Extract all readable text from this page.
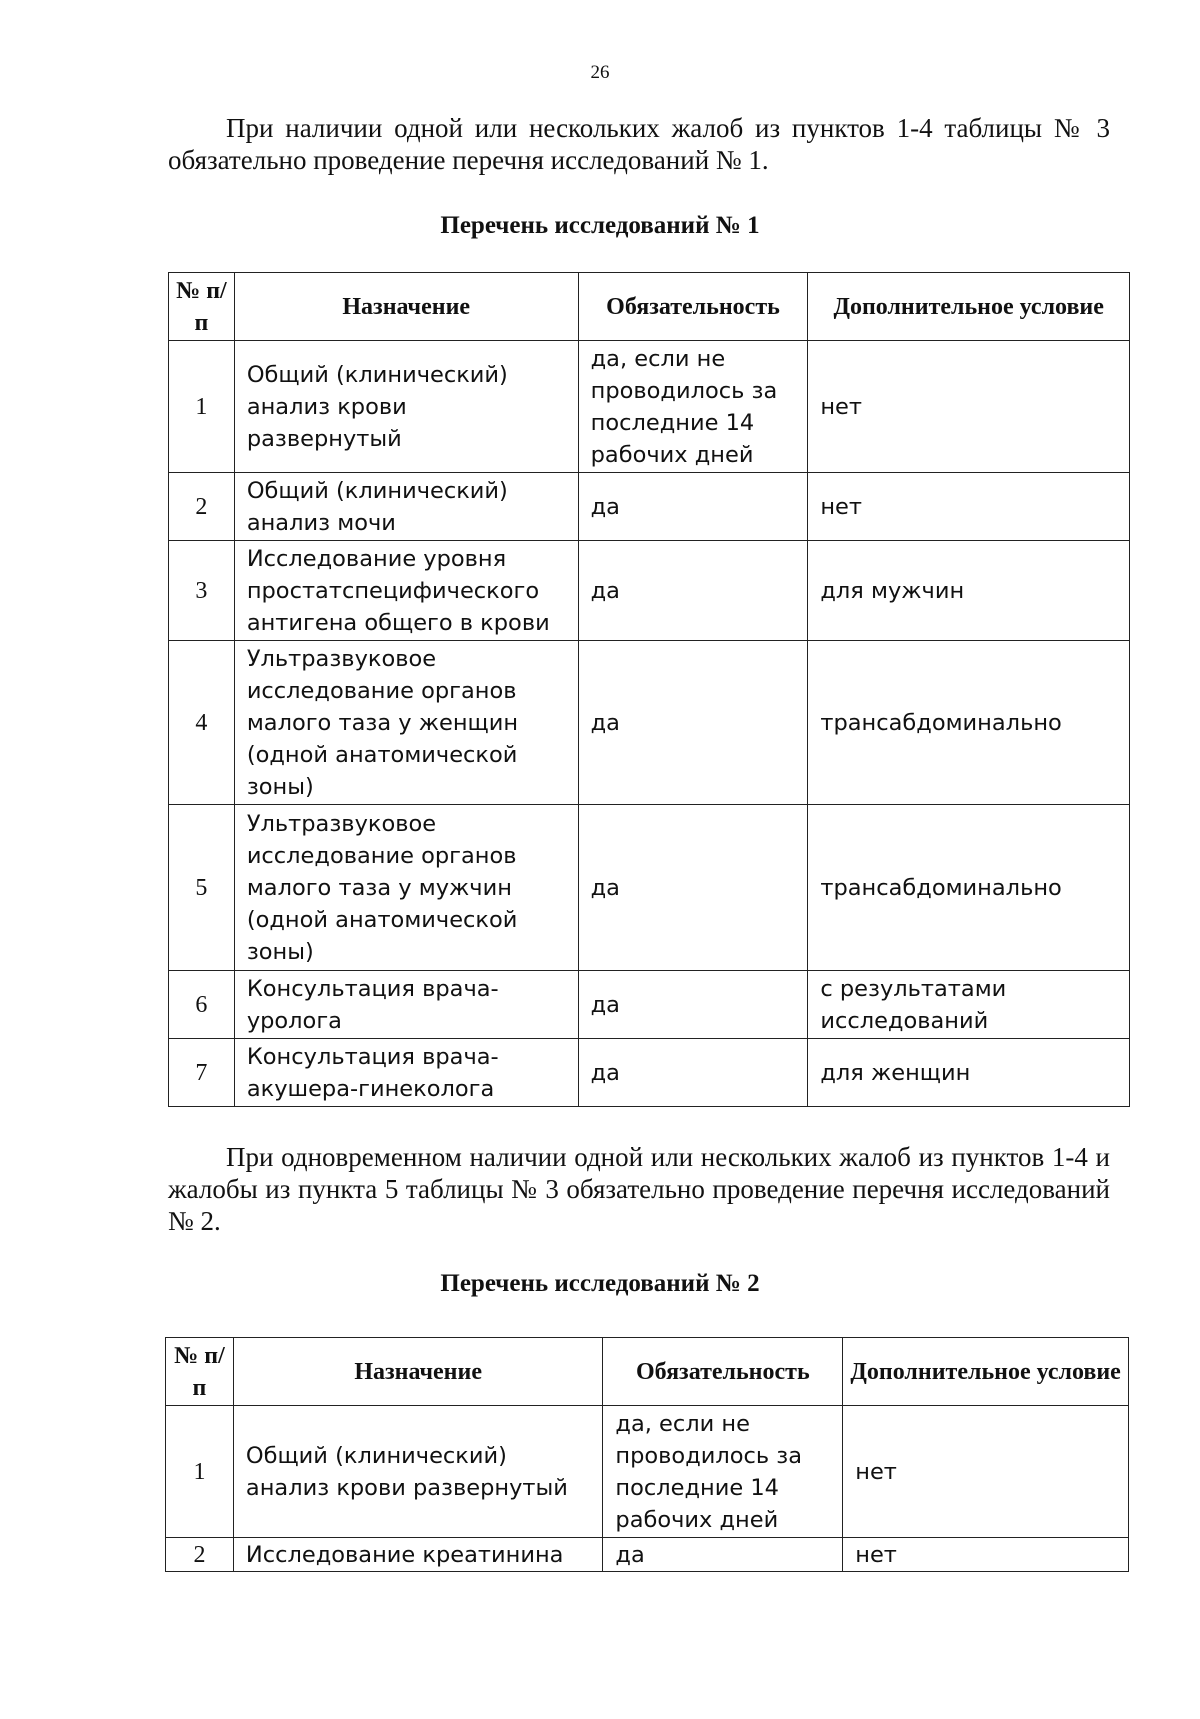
26

При наличии одной или нескольких жалоб из пунктов 1-4 таблицы № 3 обязательно проведение перечня исследований № 1.

Перечень исследований № 1
№ п/п	Назначение	Обязательность	Дополнительное условие
1	Общий (клинический) анализ крови развернутый	да, если не проводилось за последние 14 рабочих дней	нет
2	Общий (клинический) анализ мочи	да	нет
3	Исследование уровня простатспецифического антигена общего в крови	да	для мужчин
4	Ультразвуковое исследование органов малого таза у женщин (одной анатомической зоны)	да	трансабдоминально
5	Ультразвуковое исследование органов малого таза у мужчин (одной анатомической зоны)	да	трансабдоминально
6	Консультация врача-уролога	да	с результатами исследований
7	Консультация врача-акушера-гинеколога	да	для женщин

При одновременном наличии одной или нескольких жалоб из пунктов 1-4 и жалобы из пункта 5 таблицы № 3 обязательно проведение перечня исследований № 2.

Перечень исследований № 2
№ п/п	Назначение	Обязательность	Дополнительное условие
1	Общий (клинический) анализ крови развернутый	да, если не проводилось за последние 14 рабочих дней	нет
2	Исследование креатинина	да	нет
